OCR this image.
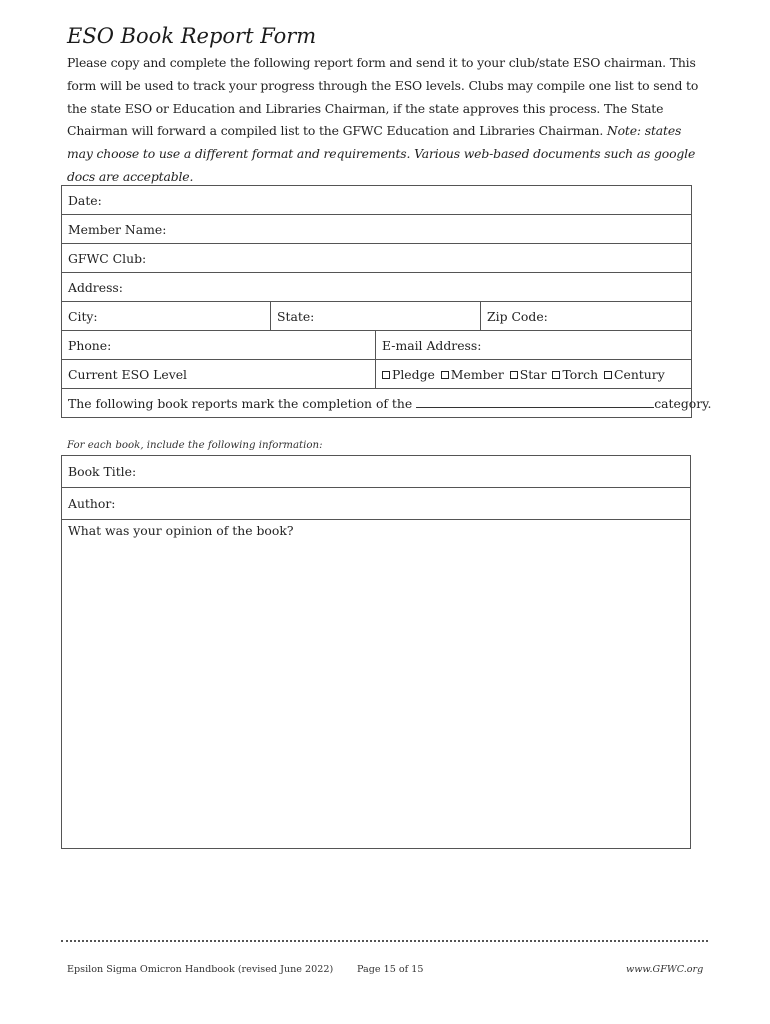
ESO Book Report Form

Please copy and complete the following report form and send it to your club/state ESO chairman. This form will be used to track your progress through the ESO levels. Clubs may compile one list to send to the state ESO or Education and Libraries Chairman, if the state approves this process. The State Chairman will forward a compiled list to the GFWC Education and Libraries Chairman. Note: states may choose to use a different format and requirements. Various web-based documents such as google docs are acceptable.

Date:			
Member Name:			
GFWC Club:			
Address:			
City:	State:		Zip Code:
Phone:		E-mail Address:	
Current ESO Level		Pledge Member Star Torch Century	
The following book reports mark the completion of the category.			

For each book, include the following information:

Book Title:
Author:
What was your opinion of the book?
Epsilon Sigma Omicron Handbook (revised June 2022) Page 15 of 15	www.GFWC.org
